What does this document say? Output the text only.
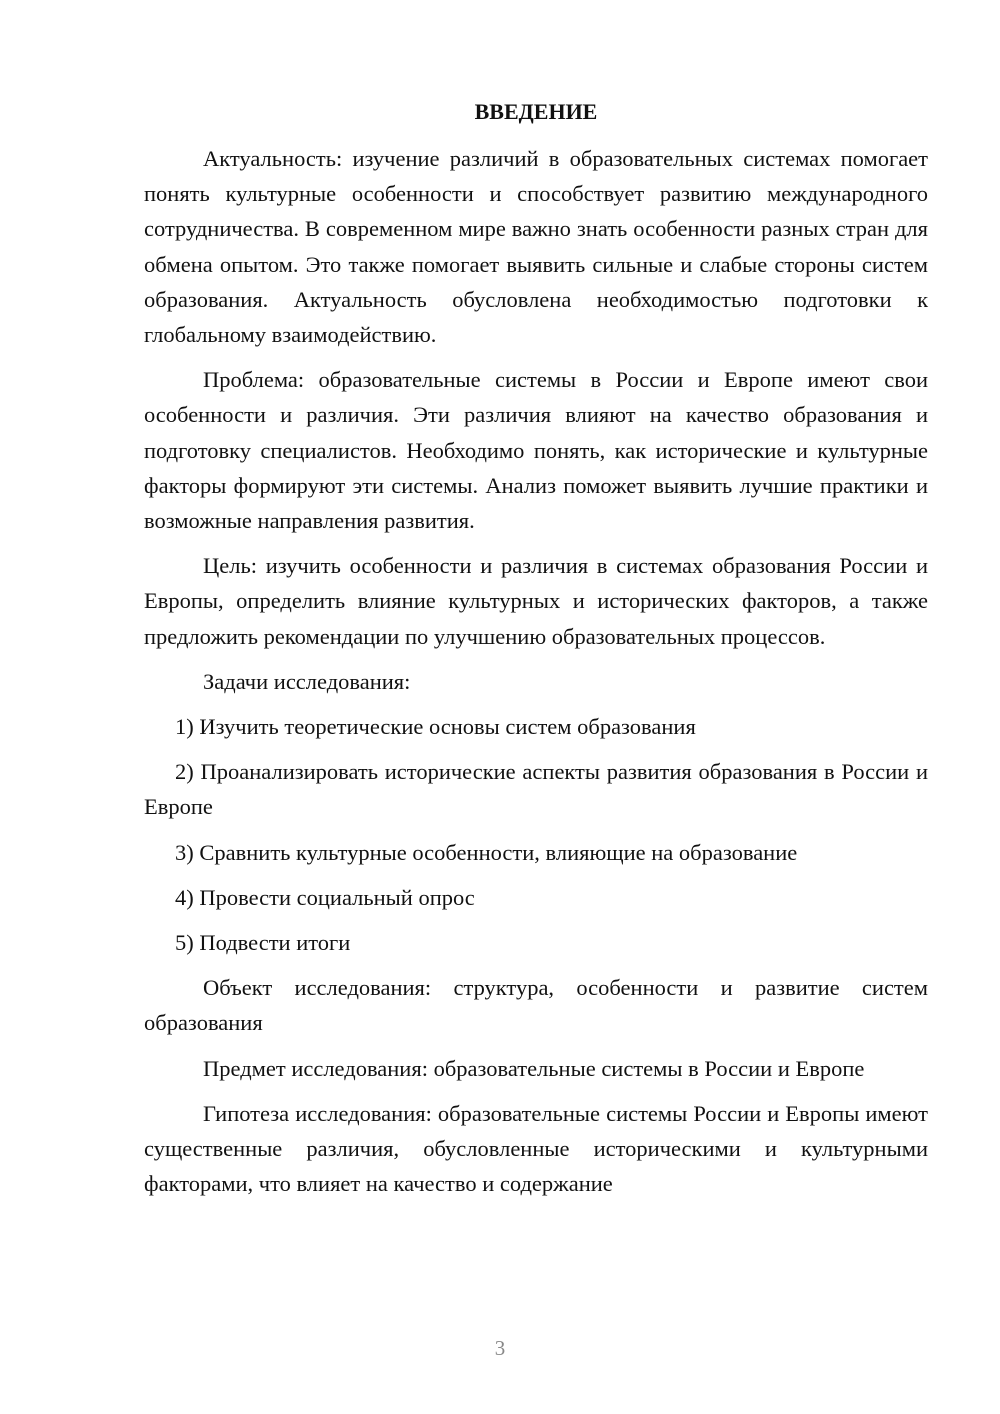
ВВЕДЕНИЕ

Актуальность: изучение различий в образовательных системах помогает понять культурные особенности и способствует развитию международного сотрудничества. В современном мире важно знать особенности разных стран для обмена опытом. Это также помогает выявить сильные и слабые стороны систем образования. Актуальность обусловлена необходимостью подготовки к глобальному взаимодействию.

Проблема: образовательные системы в России и Европе имеют свои особенности и различия. Эти различия влияют на качество образования и подготовку специалистов. Необходимо понять, как исторические и культурные факторы формируют эти системы. Анализ поможет выявить лучшие практики и возможные направления развития.

Цель: изучить особенности и различия в системах образования России и Европы, определить влияние культурных и исторических факторов, а также предложить рекомендации по улучшению образовательных процессов.

Задачи исследования:

1) Изучить теоретические основы систем образования

2) Проанализировать исторические аспекты развития образования в России и Европе

3) Сравнить культурные особенности, влияющие на образование

4) Провести социальный опрос

5) Подвести итоги

Объект исследования: структура, особенности и развитие систем образования

Предмет исследования: образовательные системы в России и Европе

Гипотеза исследования: образовательные системы России и Европы имеют существенные различия, обусловленные историческими и культурными факторами, что влияет на качество и содержание

3
